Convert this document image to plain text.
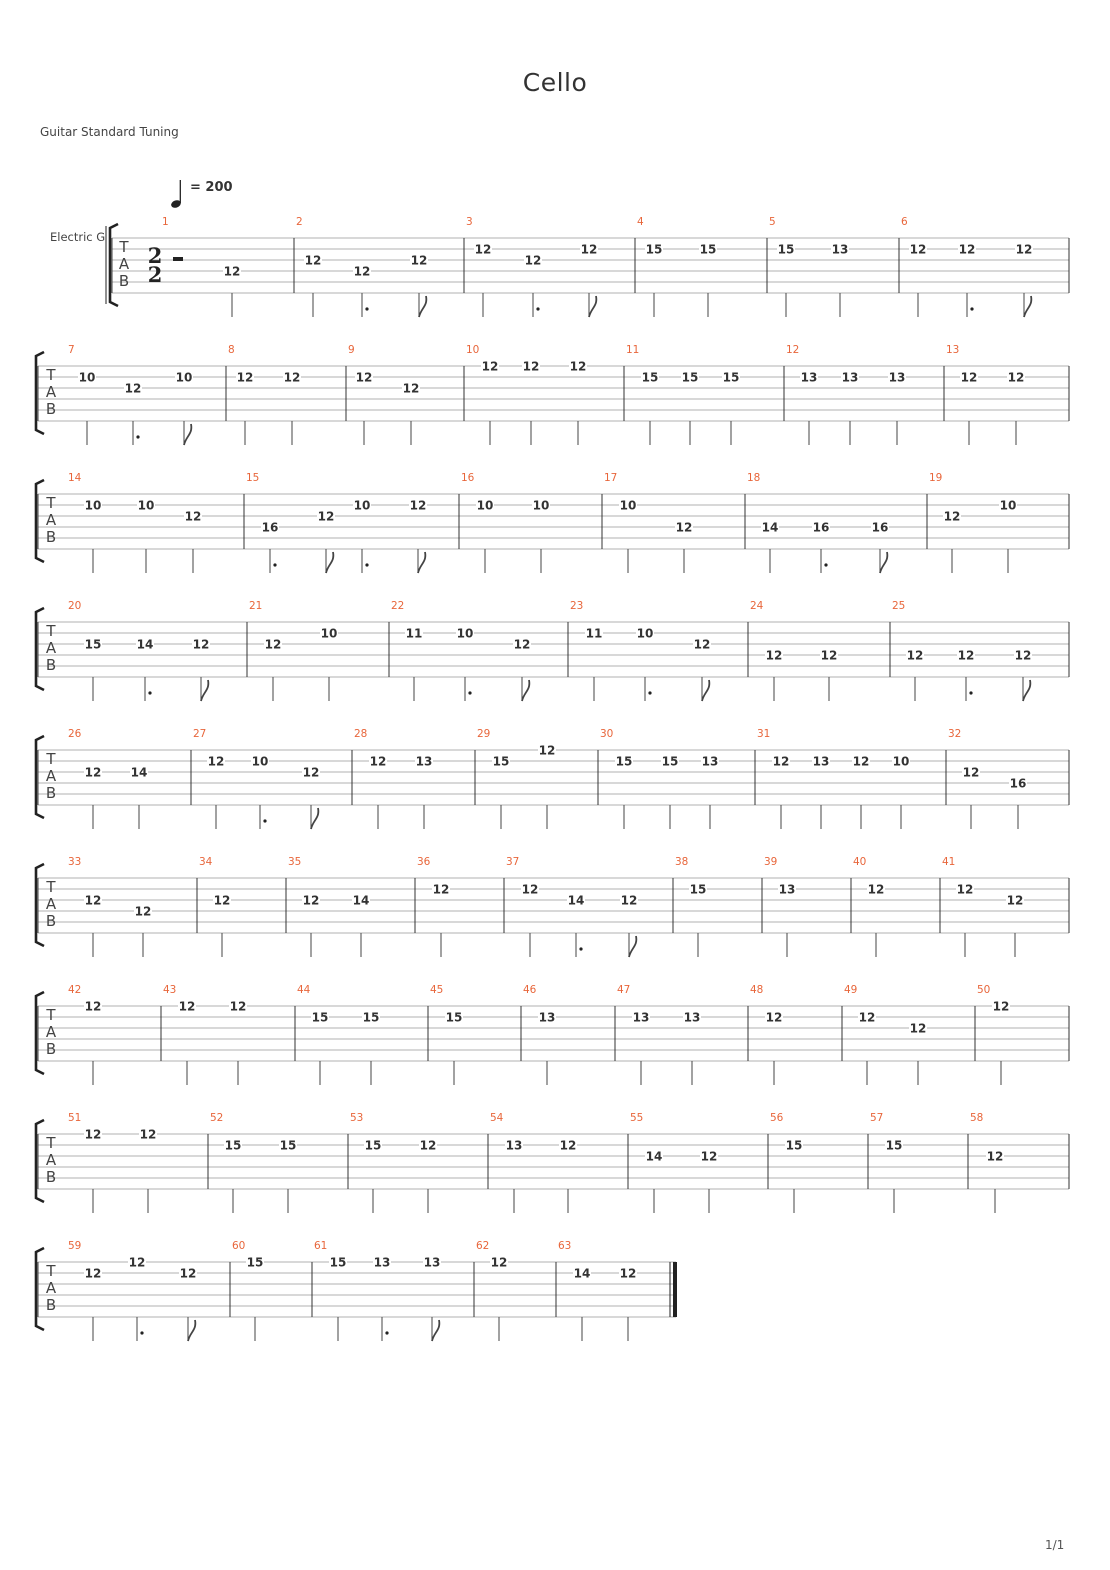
Cello
Guitar Standard Tuning
= 200
Electric G
T
A
B
2
2
1
12
2
12
12
12
3
12
12
12
4
15	15
5
15	13
6
12	12	12
T
A
B
7
10
12
10
8
12	12
9
12
12
10
12 12	12
11
15 15 15
12
13 13	13
13
12	12
T
A
B
14
10	10
12
15
16
12
10	12
16
10	10
17
10
12
18
14	16	16
19
12
10
T
A
B
20
15	14	12
21
12
10
22
11	10
12
23
11	10
12
24
12	12
25
12	12	12
T
A
B
26
12 14
27
12 10
12
28
12 13
29
15
12
30
15 15 13
31
12 13 12 10
32
12
16
T
A
B
33
12
12
34
12
35
12	14
36
12
37
12
14	12
38
15
39
13
40
12
41
12
12
T
A
B
42
12
43
12	12
44
15	15
45
15
46
13
47
13	13
48
12
49
12
12
50
12
T
A
B
51
12	12
52
15	15
53
15	12
54
13	12
55
14	12
56
15
57
15
58
12
T
A
B
59
12
12
12
60
15
61
15 13	13
62
12
63
14 12
1/1
